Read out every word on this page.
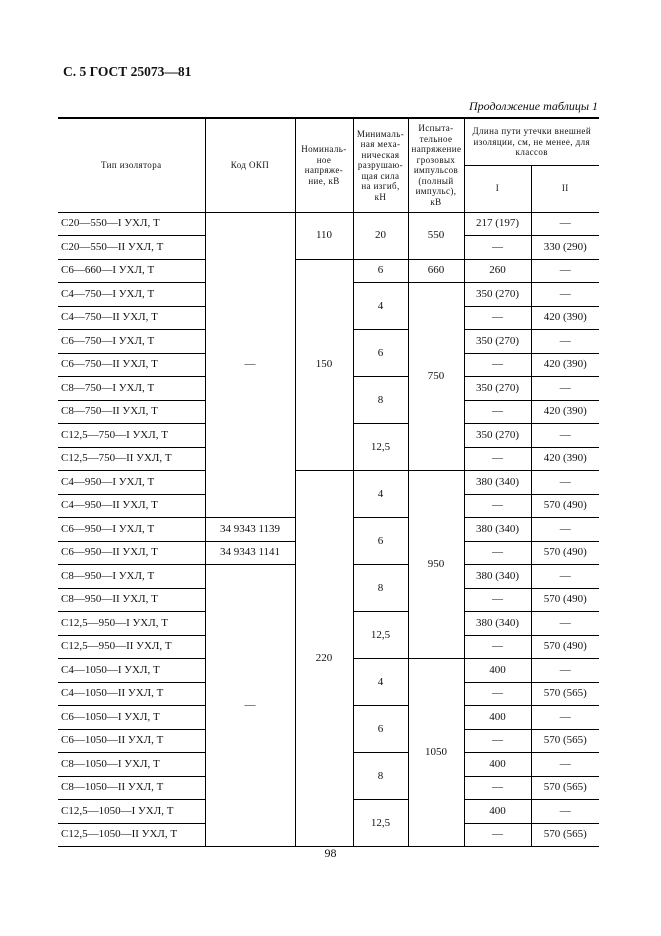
С. 5 ГОСТ 25073—81
Продолжение таблицы 1
Тип изолятора	Код ОКП	Номиналь-ное напряже-ние, кВ	Минималь-ная меха-ническая разрушаю-щая сила на изгиб, кН	Испыта-тельное напряжение грозовых импульсов (полный импульс), кВ	Длина пути утечки внешней изоляции, см, не менее, для классов	
					I	II
С20—550—I УХЛ, Т	—	110	20	550	217 (197)	—
С20—550—II УХЛ, Т					—	330 (290)
С6—660—I УХЛ, Т		150	6	660	260	—
С4—750—I УХЛ, Т			4	750	350 (270)	—
С4—750—II УХЛ, Т					—	420 (390)
С6—750—I УХЛ, Т			6		350 (270)	—
С6—750—II УХЛ, Т					—	420 (390)
С8—750—I УХЛ, Т			8		350 (270)	—
С8—750—II УХЛ, Т					—	420 (390)
С12,5—750—I УХЛ, Т			12,5		350 (270)	—
С12,5—750—II УХЛ, Т					—	420 (390)
С4—950—I УХЛ, Т		220	4	950	380 (340)	—
С4—950—II УХЛ, Т					—	570 (490)
С6—950—I УХЛ, Т	34 9343 1139		6		380 (340)	—
С6—950—II УХЛ, Т	34 9343 1141				—	570 (490)
С8—950—I УХЛ, Т	—		8		380 (340)	—
С8—950—II УХЛ, Т					—	570 (490)
С12,5—950—I УХЛ, Т			12,5		380 (340)	—
С12,5—950—II УХЛ, Т					—	570 (490)
С4—1050—I УХЛ, Т			4	1050	400	—
С4—1050—II УХЛ, Т					—	570 (565)
С6—1050—I УХЛ, Т			6		400	—
С6—1050—II УХЛ, Т					—	570 (565)
С8—1050—I УХЛ, Т			8		400	—
С8—1050—II УХЛ, Т					—	570 (565)
С12,5—1050—I УХЛ, Т			12,5		400	—
С12,5—1050—II УХЛ, Т					—	570 (565)
98
